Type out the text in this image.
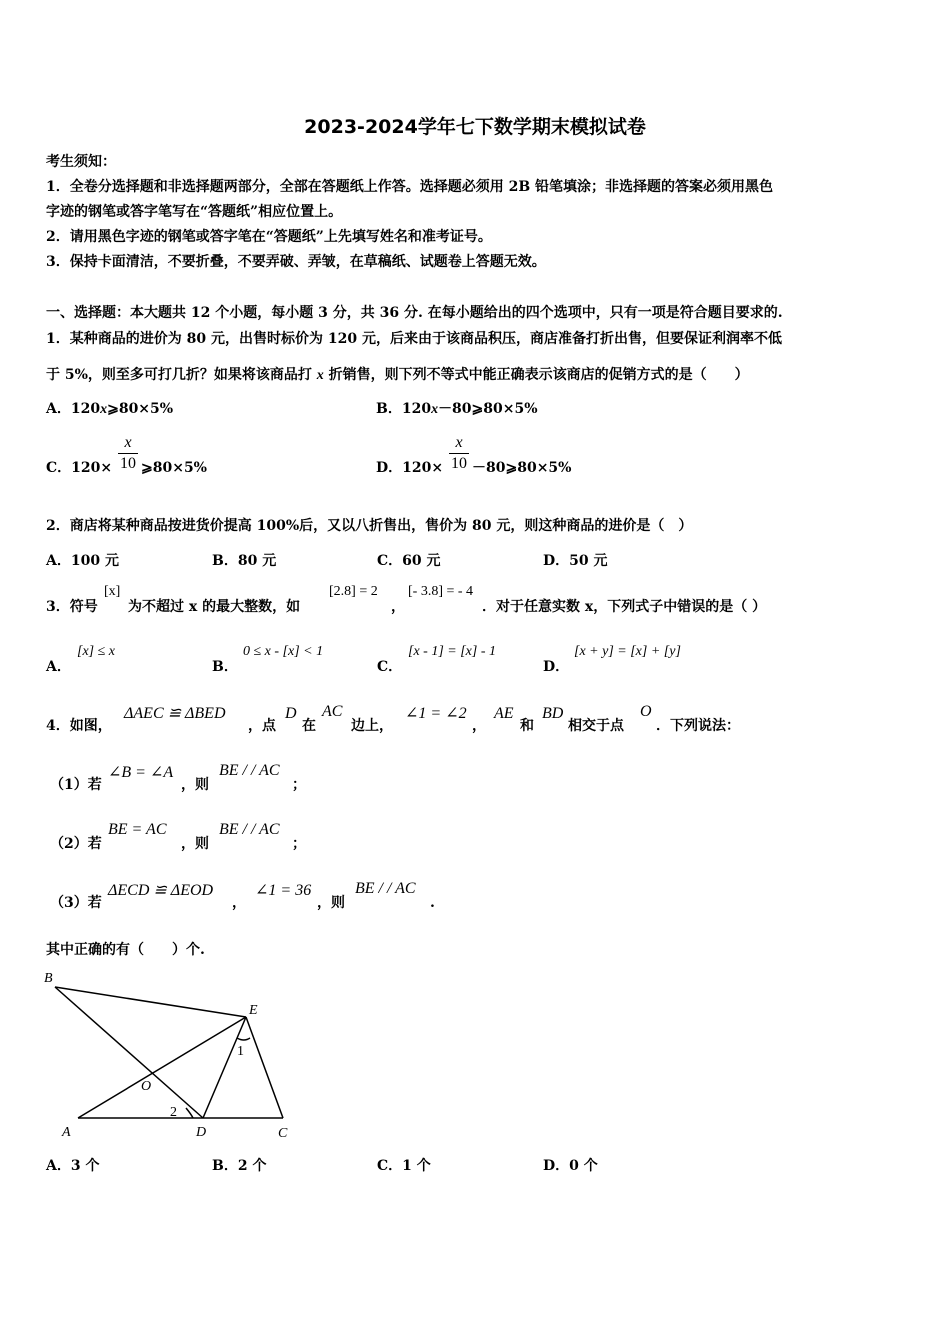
2023-2024学年七下数学期末模拟试卷
考生须知：
1．全卷分选择题和非选择题两部分，全部在答题纸上作答。选择题必须用 2B 铅笔填涂；非选择题的答案必须用黑色
字迹的钢笔或答字笔写在“答题纸”相应位置上。
2．请用黑色字迹的钢笔或答字笔在“答题纸”上先填写姓名和准考证号。
3．保持卡面清洁，不要折叠，不要弄破、弄皱，在草稿纸、试题卷上答题无效。
一、选择题：本大题共 12 个小题，每小题 3 分，共 36 分. 在每小题给出的四个选项中，只有一项是符合题目要求的.
1．某种商品的进价为 80 元，出售时标价为 120 元，后来由于该商品积压，商店准备打折出售，但要保证利润率不低
于 5%，则至多可打几折？如果将该商品打 x 折销售，则下列不等式中能正确表示该商店的促销方式的是（　　）
A．120x⩾80×5%	B．120x－80⩾80×5%
C．120×
x
10 ⩾80×5%	D．120×
x
10 －80⩾80×5%
2．商店将某种商品按进货价提高 100%后，又以八折售出，售价为 80 元，则这种商品的进价是（　）
A．100 元	B．80 元	C．60 元	D．50 元
3．符号
[x]
为不超过 x 的最大整数，如
[2.8] = 2
，
[- 3.8] = - 4
．对于任意实数 x，下列式子中错误的是（ ）
A．
[x] ≤ x
B．
0 ≤ x - [x] < 1
C．
[x - 1] = [x] - 1
D．
[x + y] = [x] + [y]
4．如图，
ΔAEC ≌ ΔBED
，点
D
在
AC
边上，
∠1 = ∠2
，
AE
和
BD
相交于点
O
．下列说法：
（1）若
∠B = ∠A
，则
BE / / AC
；
（2）若
BE = AC
，则
BE / / AC
；
（3）若
ΔECD ≌ ΔEOD
，
∠1 = 36
，则
BE / / AC
.
其中正确的有（　　）个.
B
E
O
A	D	C
1
2
A．3 个	B．2 个	C．1 个	D．0 个
